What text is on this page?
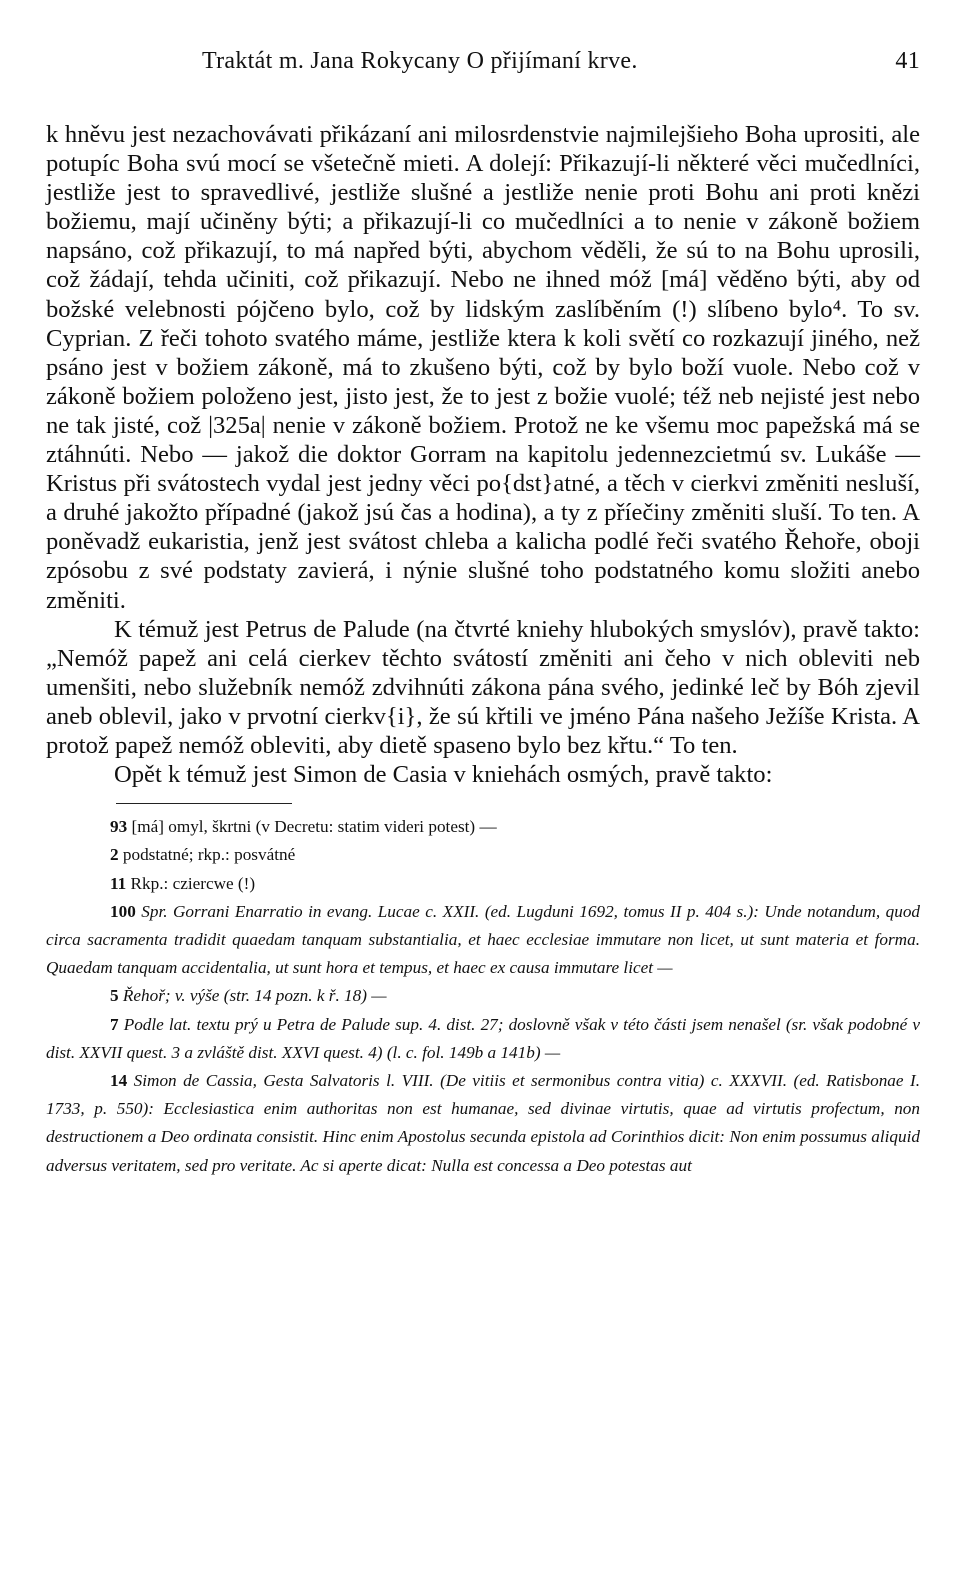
Traktát m. Jana Rokycany O přijímaní krve.	41

k hněvu jest nezachovávati přikázaní ani milosrdenstvie najmilejšieho Boha uprositi, ale potupíc Boha svú mocí se všetečně mieti. A dolejí: Přikazují-li některé věci mučedlníci, jestliže jest to spravedlivé, jestliže slušné a jestliže nenie proti Bohu ani proti knězi božiemu, mají učiněny býti; a přikazují-li co mučedlníci a to nenie v zákoně božiem napsáno, což přikazují, to má napřed býti, abychom věděli, že sú to na Bohu uprosili, což žádají, tehda učiniti, což přikazují. Nebo ne ihned móž [má] věděno býti, aby od božské velebnosti pójčeno bylo, což by lidským zaslíběním (!) slíbeno bylo⁴. To sv. Cyprian. Z řeči tohoto svatého máme, jestliže ktera k koli světí co rozkazují jiného, než psáno jest v božiem zákoně, má to zkušeno býti, což by bylo boží vuole. Nebo což v zákoně božiem položeno jest, jisto jest, že to jest z božie vuolé; též neb nejisté jest nebo ne tak jisté, což |325a| nenie v zákoně božiem. Protož ne ke všemu moc papežská má se ztáhnúti. Nebo — jakož die doktor Gorram na kapitolu jedennezcietmú sv. Lukáše — Kristus při svátostech vydal jest jedny věci po{dst}atné, a těch v cierkvi změniti nesluší, a druhé jakožto případné (jakož jsú čas a hodina), a ty z příečiny změniti sluší. To ten. A poněvadž eukaristia, jenž jest svátost chleba a kalicha podlé řeči svatého Řehoře, oboji zpósobu z své podstaty zavierá, i nýnie slušné toho podstatného komu složiti anebo změniti.

K témuž jest Petrus de Palude (na čtvrté kniehy hlubokých smyslóv), pravě takto: „Nemóž papež ani celá cierkev těchto svátostí změniti ani čeho v nich obleviti neb umenšiti, nebo služebník nemóž zdvihnúti zákona pána svého, jedinké leč by Bóh zjevil aneb oblevil, jako v prvotní cierkv{i}, že sú křtili ve jméno Pána našeho Ježíše Krista. A protož papež nemóž obleviti, aby dietě spaseno bylo bez křtu.“ To ten.

Opět k témuž jest Simon de Casia v kniehách osmých, pravě takto:

93 [má] omyl, škrtni (v Decretu: statim videri potest) —

2 podstatné; rkp.: posvátné

11 Rkp.: cziercwe (!)

100 Spr. Gorrani Enarratio in evang. Lucae c. XXII. (ed. Lugduni 1692, tomus II p. 404 s.): Unde notandum, quod circa sacramenta tradidit quaedam tanquam substantialia, et haec ecclesiae immutare non licet, ut sunt materia et forma. Quaedam tanquam accidentalia, ut sunt hora et tempus, et haec ex causa immutare licet —

5 Řehoř; v. výše (str. 14 pozn. k ř. 18) —

7 Podle lat. textu prý u Petra de Palude sup. 4. dist. 27; doslovně však v této části jsem nenašel (sr. však podobné v dist. XXVII quest. 3 a zvláště dist. XXVI quest. 4) (l. c. fol. 149b a 141b) —

14 Simon de Cassia, Gesta Salvatoris l. VIII. (De vitiis et sermonibus contra vitia) c. XXXVII. (ed. Ratisbonae I. 1733, p. 550): Ecclesiastica enim authoritas non est humanae, sed divinae virtutis, quae ad virtutis profectum, non destructionem a Deo ordinata consistit. Hinc enim Apostolus secunda epistola ad Corinthios dicit: Non enim possumus aliquid adversus veritatem, sed pro veritate. Ac si aperte dicat: Nulla est concessa a Deo potestas aut
